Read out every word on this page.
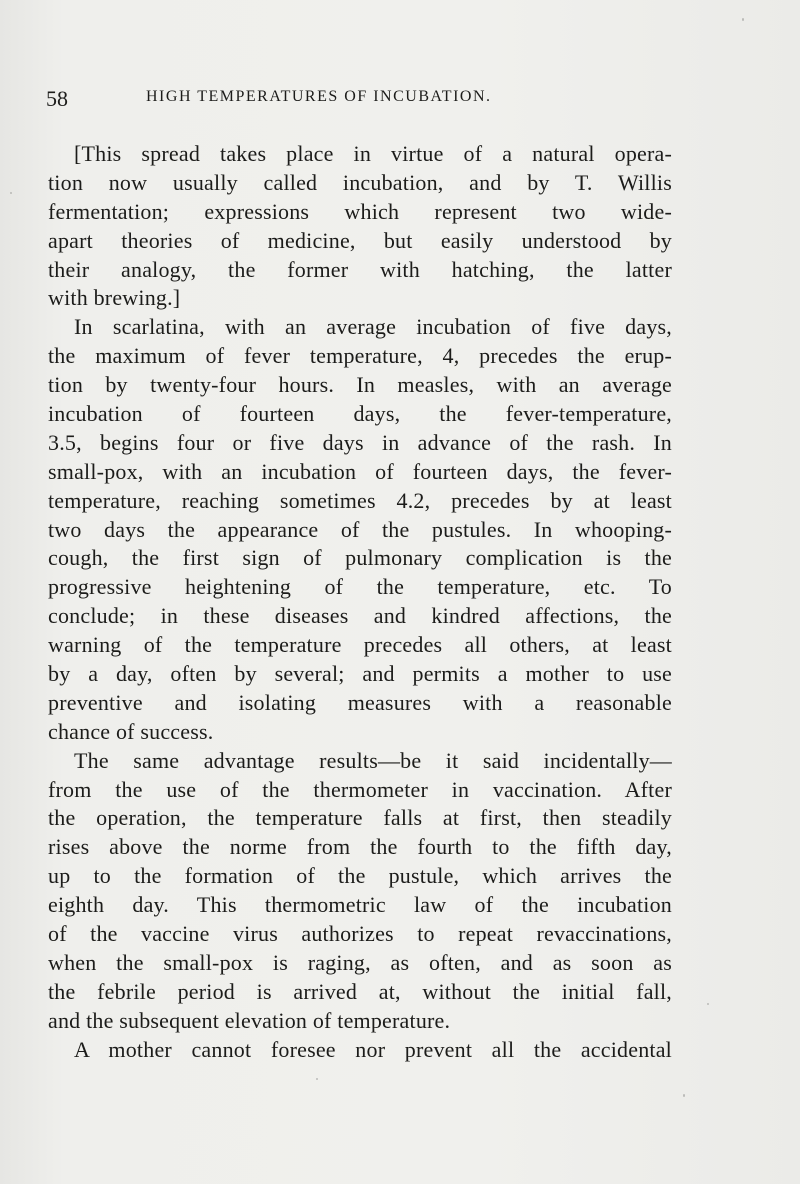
58	HIGH TEMPERATURES OF INCUBATION.
[This spread takes place in virtue of a natural opera-
tion now usually called incubation, and by T. Willis
fermentation; expressions which represent two wide-
apart theories of medicine, but easily understood by
their analogy, the former with hatching, the latter
with brewing.]
In scarlatina, with an average incubation of five days,
the maximum of fever temperature, 4, precedes the erup-
tion by twenty-four hours. In measles, with an average
incubation of fourteen days, the fever-temperature,
3.5, begins four or five days in advance of the rash. In
small-pox, with an incubation of fourteen days, the fever-
temperature, reaching sometimes 4.2, precedes by at least
two days the appearance of the pustules. In whooping-
cough, the first sign of pulmonary complication is the
progressive heightening of the temperature, etc. To
conclude; in these diseases and kindred affections, the
warning of the temperature precedes all others, at least
by a day, often by several; and permits a mother to use
preventive and isolating measures with a reasonable
chance of success.
The same advantage results—be it said incidentally—
from the use of the thermometer in vaccination. After
the operation, the temperature falls at first, then steadily
rises above the norme from the fourth to the fifth day,
up to the formation of the pustule, which arrives the
eighth day. This thermometric law of the incubation
of the vaccine virus authorizes to repeat revaccinations,
when the small-pox is raging, as often, and as soon as
the febrile period is arrived at, without the initial fall,
and the subsequent elevation of temperature.
A mother cannot foresee nor prevent all the accidental
